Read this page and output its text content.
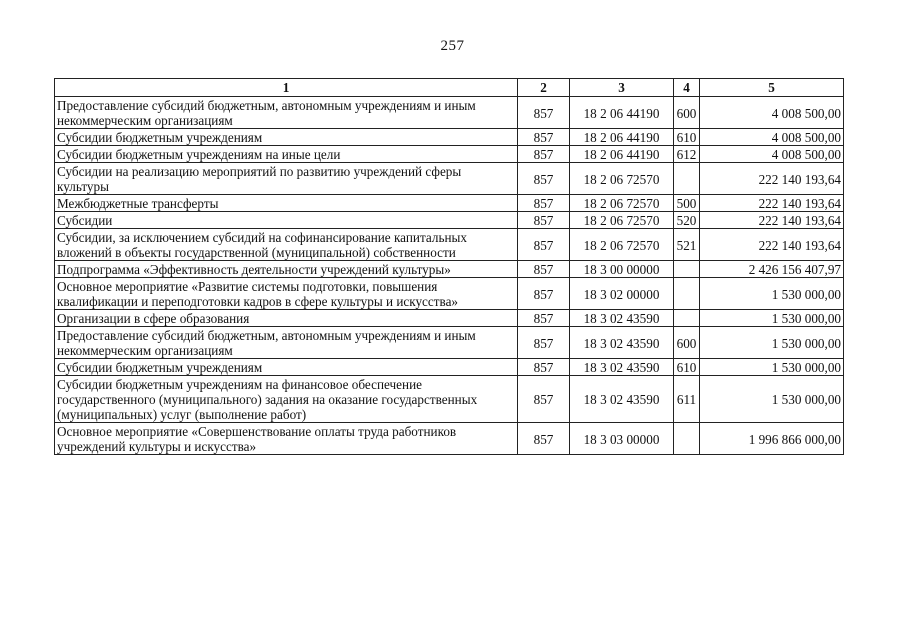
257
1	2	3	4	5
Предоставление субсидий бюджетным, автономным учреждениям и иным некоммерческим организациям	857	18 2 06 44190	600	4 008 500,00
Субсидии бюджетным учреждениям	857	18 2 06 44190	610	4 008 500,00
Субсидии бюджетным учреждениям на иные цели	857	18 2 06 44190	612	4 008 500,00
Субсидии на реализацию мероприятий по развитию учреждений сферы культуры	857	18 2 06 72570		222 140 193,64
Межбюджетные трансферты	857	18 2 06 72570	500	222 140 193,64
Субсидии	857	18 2 06 72570	520	222 140 193,64
Субсидии, за исключением субсидий на софинансирование капитальных вложений в объекты государственной (муниципальной) собственности	857	18 2 06 72570	521	222 140 193,64
Подпрограмма «Эффективность деятельности учреждений культуры»	857	18 3 00 00000		2 426 156 407,97
Основное мероприятие «Развитие системы подготовки, повышения квалификации и переподготовки кадров в сфере культуры и искусства»	857	18 3 02 00000		1 530 000,00
Организации в сфере образования	857	18 3 02 43590		1 530 000,00
Предоставление субсидий бюджетным, автономным учреждениям и иным некоммерческим организациям	857	18 3 02 43590	600	1 530 000,00
Субсидии бюджетным учреждениям	857	18 3 02 43590	610	1 530 000,00
Субсидии бюджетным учреждениям на финансовое обеспечение государственного (муниципального) задания на оказание государственных (муниципальных) услуг (выполнение работ)	857	18 3 02 43590	611	1 530 000,00
Основное мероприятие «Совершенствование оплаты труда работников учреждений культуры и искусства»	857	18 3 03 00000		1 996 866 000,00
